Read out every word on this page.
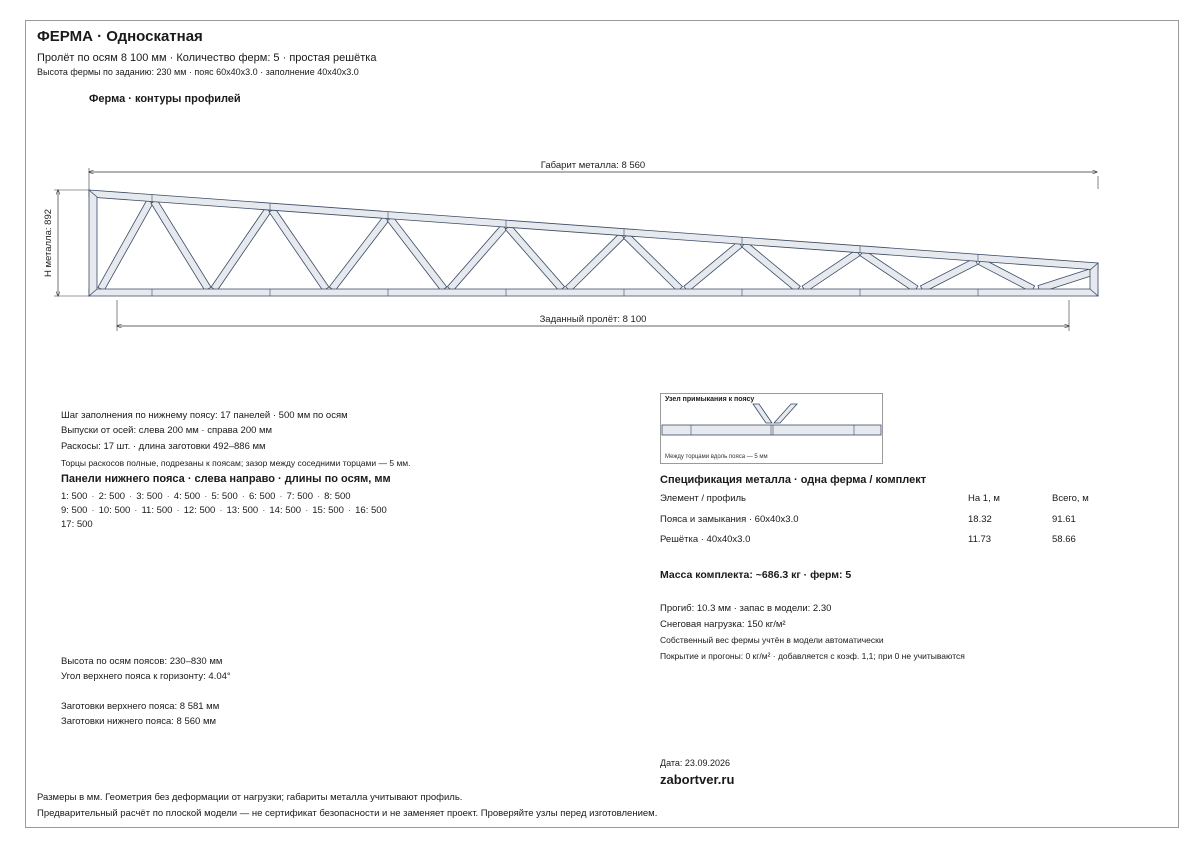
ФЕРМА · Односкатная
Пролёт по осям 8 100 мм · Количество ферм: 5 · простая решётка
Высота фермы по заданию: 230 мм · пояс 60x40x3.0 · заполнение 40x40x3.0
Ферма · контуры профилей
Габарит металла: 8 560
H металла: 892
Заданный пролёт: 8 100
Шаг заполнения по нижнему поясу: 17 панелей · 500 мм по осям
Выпуски от осей: слева 200 мм · справа 200 мм
Раскосы: 17 шт. · длина заготовки 492–886 мм
Торцы раскосов полные, подрезаны к поясам; зазор между соседними торцами — 5 мм.
Панели нижнего пояса · слева направо · длины по осям, мм
1: 500 · 2: 500 · 3: 500 · 4: 500 · 5: 500 · 6: 500 · 7: 500 · 8: 500
9: 500 · 10: 500 · 11: 500 · 12: 500 · 13: 500 · 14: 500 · 15: 500 · 16: 500
17: 500
Высота по осям поясов: 230–830 мм
Угол верхнего пояса к горизонту: 4.04°
Заготовки верхнего пояса: 8 581 мм
Заготовки нижнего пояса: 8 560 мм
Узел примыкания к поясу
Между торцами вдоль пояса — 5 мм
Спецификация металла · одна ферма / комплект
Элемент / профиль	На 1, м	Всего, м
Пояса и замыкания · 60x40x3.0	18.32	91.61
Решётка · 40x40x3.0	11.73	58.66
Масса комплекта: ~686.3 кг · ферм: 5
Прогиб: 10.3 мм · запас в модели: 2.30
Снеговая нагрузка: 150 кг/м²
Собственный вес фермы учтён в модели автоматически
Покрытие и прогоны: 0 кг/м² · добавляется с коэф. 1,1; при 0 не учитываются
Дата: 23.09.2026
zabortver.ru
Размеры в мм. Геометрия без деформации от нагрузки; габариты металла учитывают профиль.
Предварительный расчёт по плоской модели — не сертификат безопасности и не заменяет проект. Проверяйте узлы перед изготовлением.
